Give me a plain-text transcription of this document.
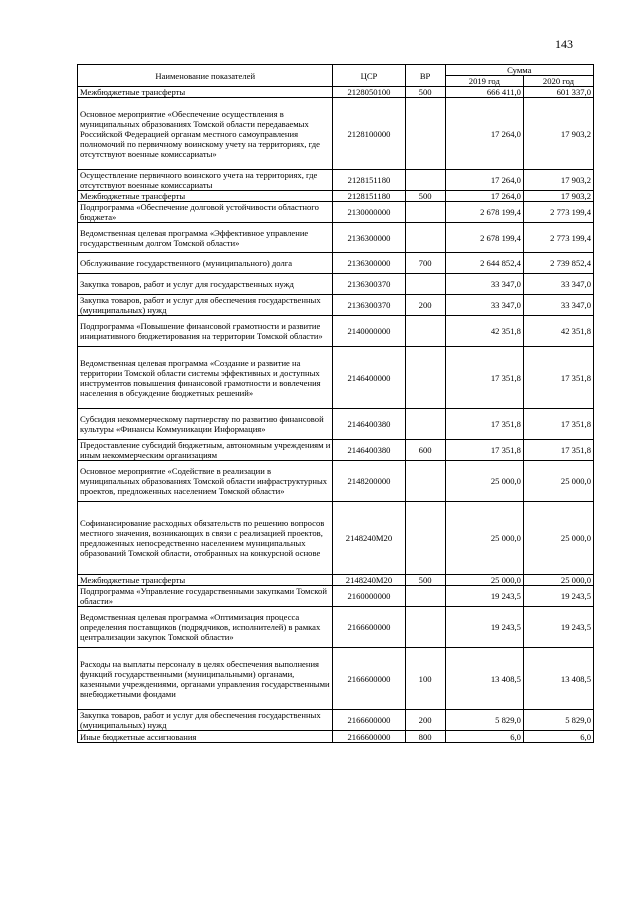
143
Наименование показателей	ЦСР	ВР	Сумма	
			2019 год	2020 год
Межбюджетные трансферты	2128050100	500	666 411,0	601 337,0
Основное мероприятие «Обеспечение осуществления в муниципальных образованиях Томской области передаваемых Российской Федерацией органам местного самоуправления полномочий по первичному воинскому учету на территориях, где отсутствуют военные комиссариаты»	2128100000		17 264,0	17 903,2
Осуществление первичного воинского учета на территориях, где отсутствуют военные комиссариаты	2128151180		17 264,0	17 903,2
Межбюджетные трансферты	2128151180	500	17 264,0	17 903,2
Подпрограмма «Обеспечение долговой устойчивости областного бюджета»	2130000000		2 678 199,4	2 773 199,4
Ведомственная целевая программа «Эффективное управление государственным долгом Томской области»	2136300000		2 678 199,4	2 773 199,4
Обслуживание государственного (муниципального) долга	2136300000	700	2 644 852,4	2 739 852,4
Закупка товаров, работ и услуг для государственных нужд	2136300370		33 347,0	33 347,0
Закупка товаров, работ и услуг для обеспечения государственных (муниципальных) нужд	2136300370	200	33 347,0	33 347,0
Подпрограмма «Повышение финансовой грамотности и развитие инициативного бюджетирования на территории Томской области»	2140000000		42 351,8	42 351,8
Ведомственная целевая программа «Создание и развитие на территории Томской области системы эффективных и доступных инструментов повышения финансовой грамотности и вовлечения населения в обсуждение бюджетных решений»	2146400000		17 351,8	17 351,8
Субсидия некоммерческому партнерству по развитию финансовой культуры «Финансы Коммуникации Информация»	2146400380		17 351,8	17 351,8
Предоставление субсидий бюджетным, автономным учреждениям и иным некоммерческим организациям	2146400380	600	17 351,8	17 351,8
Основное мероприятие «Содействие в реализации в муниципальных образованиях Томской области инфраструктурных проектов, предложенных населением Томской области»	2148200000		25 000,0	25 000,0
Софинансирование расходных обязательств по решению вопросов местного значения, возникающих в связи с реализацией проектов, предложенных непосредственно населением муниципальных образований Томской области, отобранных на конкурсной основе	2148240M20		25 000,0	25 000,0
Межбюджетные трансферты	2148240M20	500	25 000,0	25 000,0
Подпрограмма «Управление государственными закупками Томской области»	2160000000		19 243,5	19 243,5
Ведомственная целевая программа «Оптимизация процесса определения поставщиков (подрядчиков, исполнителей) в рамках централизации закупок Томской области»	2166600000		19 243,5	19 243,5
Расходы на выплаты персоналу в целях обеспечения выполнения функций государственными (муниципальными) органами, казенными учреждениями, органами управления государственными внебюджетными фондами	2166600000	100	13 408,5	13 408,5
Закупка товаров, работ и услуг для обеспечения государственных (муниципальных) нужд	2166600000	200	5 829,0	5 829,0
Иные бюджетные ассигнования	2166600000	800	6,0	6,0
